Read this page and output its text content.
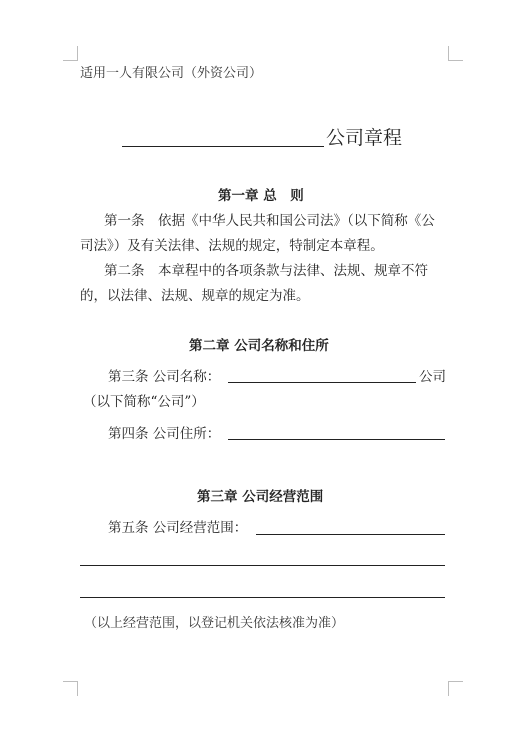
适用一人有限公司（外资公司）
公司章程
第一章 总　则
第一条　依据《中华人民共和国公司法》（以下简称《公
司法》）及有关法律、法规的规定，特制定本章程。
第二条　本章程中的各项条款与法律、法规、规章不符
的，以法律、法规、规章的规定为准。
第二章 公司名称和住所
第三条 公司名称：	公司
（以下简称“公司”）
第四条 公司住所：
第三章 公司经营范围
第五条 公司经营范围：
（以上经营范围，以登记机关依法核准为准）
